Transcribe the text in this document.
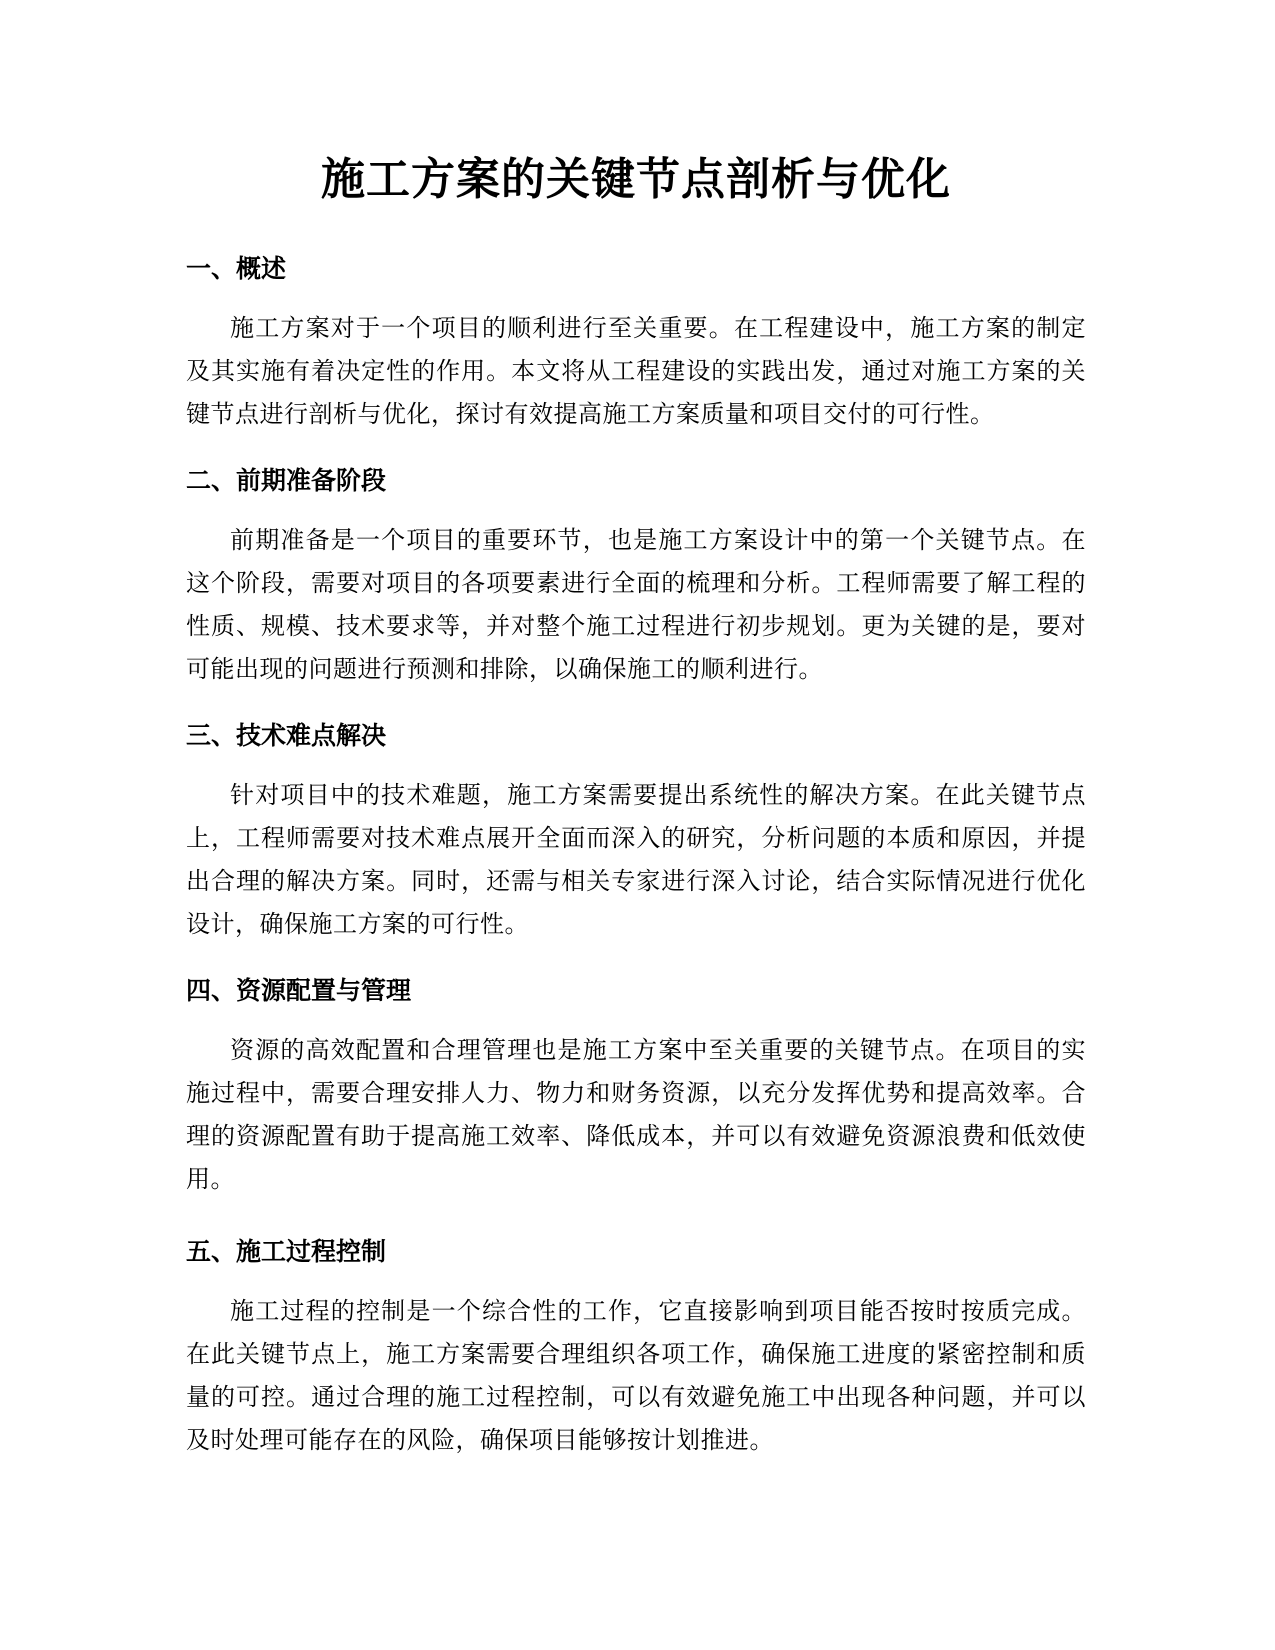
施工方案的关键节点剖析与优化
一、概述

施工方案对于一个项目的顺利进行至关重要。在工程建设中，施工方案的制定及其实施有着决定性的作用。本文将从工程建设的实践出发，通过对施工方案的关键节点进行剖析与优化，探讨有效提高施工方案质量和项目交付的可行性。

二、前期准备阶段

前期准备是一个项目的重要环节，也是施工方案设计中的第一个关键节点。在这个阶段，需要对项目的各项要素进行全面的梳理和分析。工程师需要了解工程的性质、规模、技术要求等，并对整个施工过程进行初步规划。更为关键的是，要对可能出现的问题进行预测和排除，以确保施工的顺利进行。

三、技术难点解决

针对项目中的技术难题，施工方案需要提出系统性的解决方案。在此关键节点上，工程师需要对技术难点展开全面而深入的研究，分析问题的本质和原因，并提出合理的解决方案。同时，还需与相关专家进行深入讨论，结合实际情况进行优化设计，确保施工方案的可行性。

四、资源配置与管理

资源的高效配置和合理管理也是施工方案中至关重要的关键节点。在项目的实施过程中，需要合理安排人力、物力和财务资源，以充分发挥优势和提高效率。合理的资源配置有助于提高施工效率、降低成本，并可以有效避免资源浪费和低效使用。

五、施工过程控制

施工过程的控制是一个综合性的工作，它直接影响到项目能否按时按质完成。在此关键节点上，施工方案需要合理组织各项工作，确保施工进度的紧密控制和质量的可控。通过合理的施工过程控制，可以有效避免施工中出现各种问题，并可以及时处理可能存在的风险，确保项目能够按计划推进。
